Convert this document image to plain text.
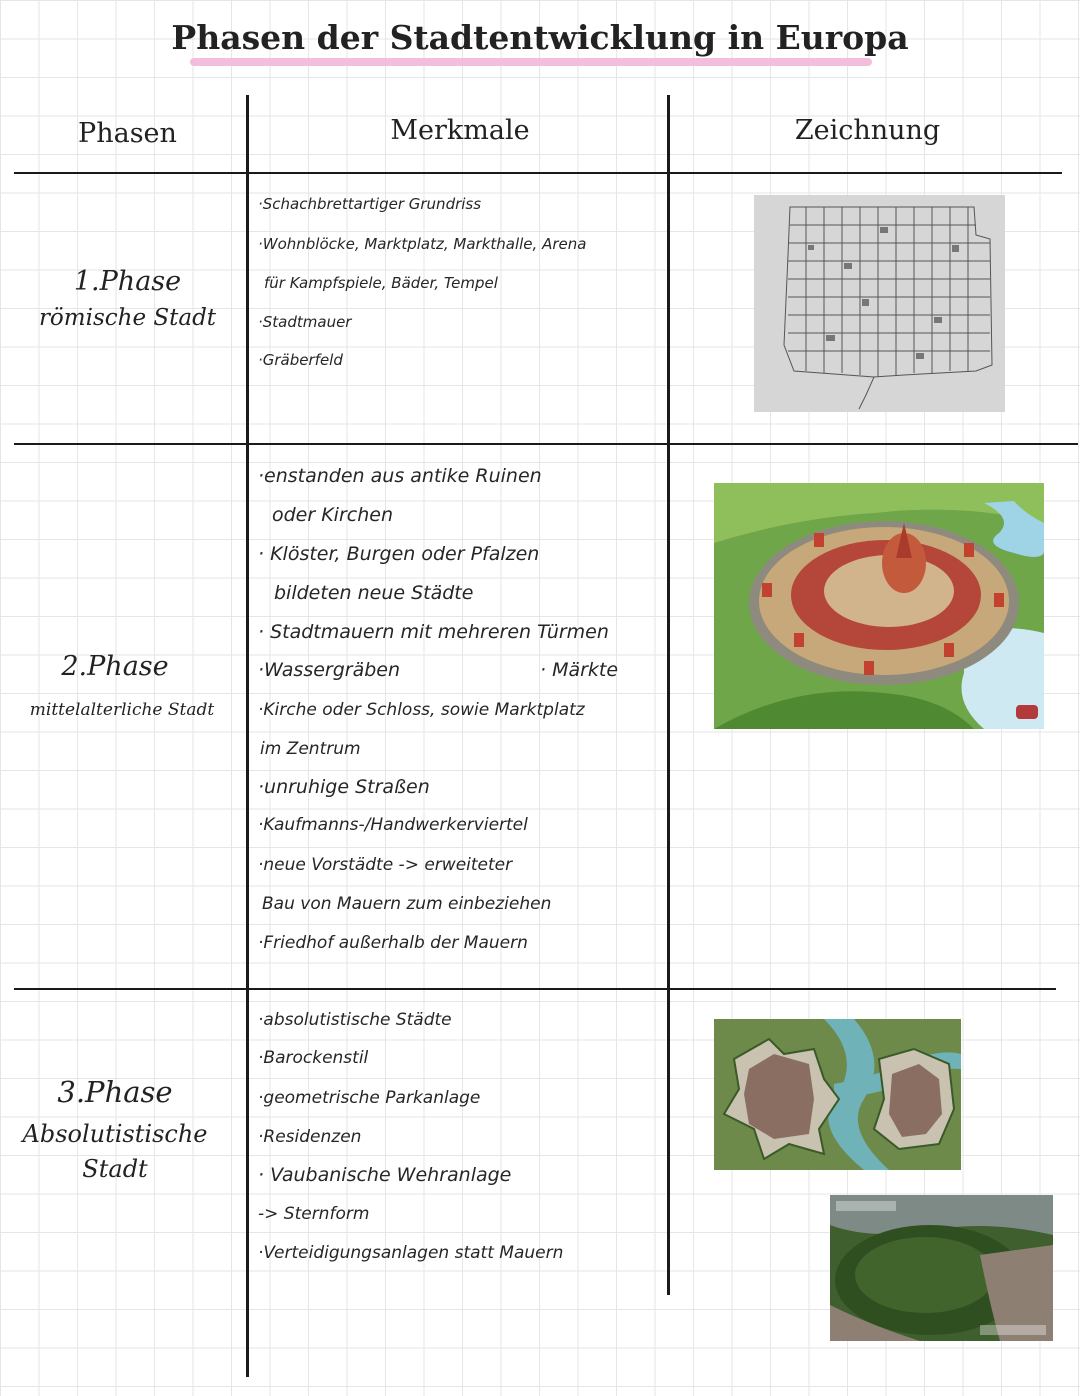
Phasen der Stadtentwicklung in Europa
Phasen	Merkmale	Zeichnung
1.Phase
römische Stadt
·Schachbrettartiger Grundriss
·Wohnblöcke, Marktplatz, Markthalle, Arena
für Kampfspiele, Bäder, Tempel
·Stadtmauer
·Gräberfeld
2.Phase
mittelalterliche Stadt
·enstanden aus antike Ruinen
oder Kirchen
· Klöster, Burgen oder Pfalzen
bildeten neue Städte
· Stadtmauern mit mehreren Türmen
·Wassergräben	· Märkte
·Kirche oder Schloss, sowie Marktplatz
im Zentrum
·unruhige Straßen
·Kaufmanns-/Handwerkerviertel
·neue Vorstädte -> erweiteter
Bau von Mauern zum einbeziehen
·Friedhof außerhalb der Mauern
3.Phase
Absolutistische
Stadt
·absolutistische Städte
·Barockenstil
·geometrische Parkanlage
·Residenzen
· Vaubanische Wehranlage
-> Sternform
·Verteidigungsanlagen statt Mauern
